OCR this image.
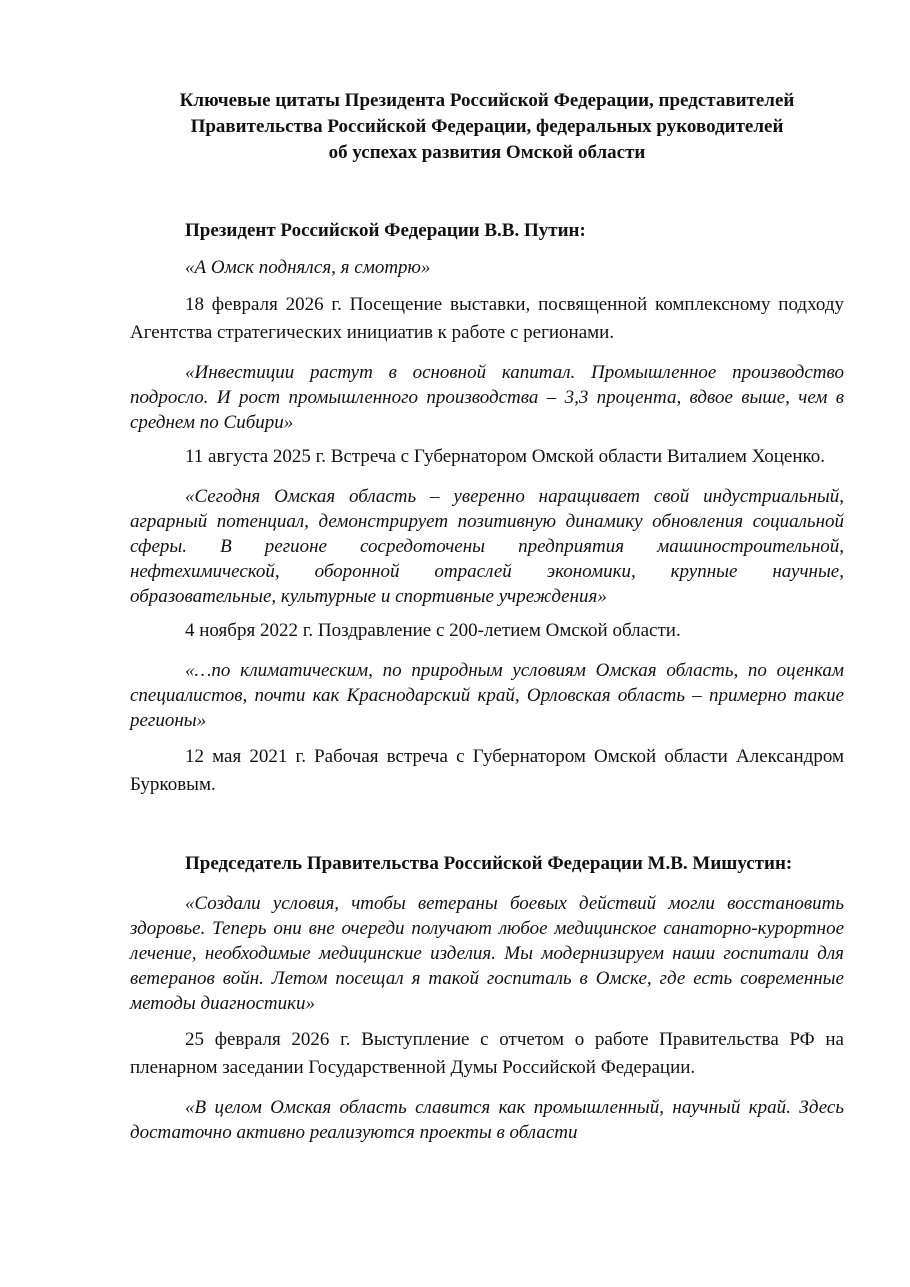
Ключевые цитаты Президента Российской Федерации, представителей
Правительства Российской Федерации, федеральных руководителей
об успехах развития Омской области

Президент Российской Федерации В.В. Путин:

«А Омск поднялся, я смотрю»

18 февраля 2026 г. Посещение выставки, посвященной комплексному подходу Агентства стратегических инициатив к работе с регионами.

«Инвестиции растут в основной капитал. Промышленное производство подросло. И рост промышленного производства – 3,3 процента, вдвое выше, чем в среднем по Сибири»

11 августа 2025 г. Встреча с Губернатором Омской области Виталием Хоценко.

«Сегодня Омская область – уверенно наращивает свой индустриальный, аграрный потенциал, демонстрирует позитивную динамику обновления социальной сферы. В регионе сосредоточены предприятия машиностроительной, нефтехимической, оборонной отраслей экономики, крупные научные, образовательные, культурные и спортивные учреждения»

4 ноября 2022 г. Поздравление с 200-летием Омской области.

«…по климатическим, по природным условиям Омская область, по оценкам специалистов, почти как Краснодарский край, Орловская область – примерно такие регионы»

12 мая 2021 г. Рабочая встреча с Губернатором Омской области Александром Бурковым.

Председатель Правительства Российской Федерации М.В. Мишустин:

«Создали условия, чтобы ветераны боевых действий могли восстановить здоровье. Теперь они вне очереди получают любое медицинское санаторно-курортное лечение, необходимые медицинские изделия. Мы модернизируем наши госпитали для ветеранов войн. Летом посещал я такой госпиталь в Омске, где есть современные методы диагностики»

25 февраля 2026 г. Выступление с отчетом о работе Правительства РФ на пленарном заседании Государственной Думы Российской Федерации.

«В целом Омская область славится как промышленный, научный край. Здесь достаточно активно реализуются проекты в области
